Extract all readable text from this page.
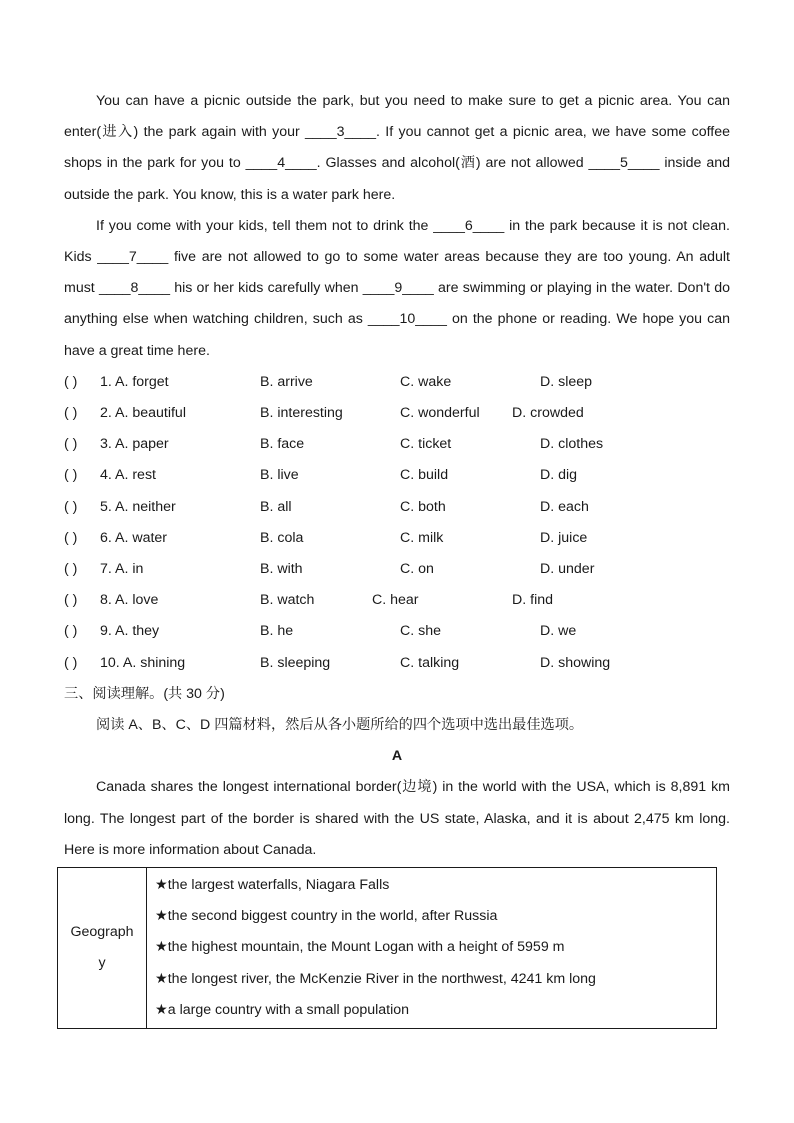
You can have a picnic outside the park, but you need to make sure to get a picnic area. You can enter(进入) the park again with your ____3____. If you cannot get a picnic area, we have some coffee shops in the park for you to ____4____. Glasses and alcohol(酒) are not allowed ____5____ inside and outside the park. You know, this is a water park here.

If you come with your kids, tell them not to drink the ____6____ in the park because it is not clean. Kids ____7____ five are not allowed to go to some water areas because they are too young. An adult must ____8____ his or her kids carefully when ____9____ are swimming or playing in the water. Don't do anything else when watching children, such as ____10____ on the phone or reading. We hope you can have a great time here.

( ) 1. A. forget	B. arrive	C. wake	D. sleep
( ) 2. A. beautiful	B. interesting	C. wonderful D. crowded
( ) 3. A. paper	B. face	C. ticket	D. clothes
( ) 4. A. rest	B. live	C. build	D. dig
( ) 5. A. neither	B. all	C. both	D. each
( ) 6. A. water	B. cola	C. milk	D. juice
( ) 7. A. in	B. with	C. on	D. under
( ) 8. A. love	B. watch	C. hear	D. find
( ) 9. A. they	B. he	C. she	D. we
( ) 10. A. shining	B. sleeping	C. talking	D. showing

三、阅读理解。(共 30 分)

阅读 A、B、C、D 四篇材料，然后从各小题所给的四个选项中选出最佳选项。

A

Canada shares the longest international border(边境) in the world with the USA, which is 8,891 km long. The longest part of the border is shared with the US state, Alaska, and it is about 2,475 km long. Here is more information about Canada.

Geograph
y

★the largest waterfalls, Niagara Falls
★the second biggest country in the world, after Russia
★the highest mountain, the Mount Logan with a height of 5959 m
★the longest river, the McKenzie River in the northwest, 4241 km long
★a large country with a small population
